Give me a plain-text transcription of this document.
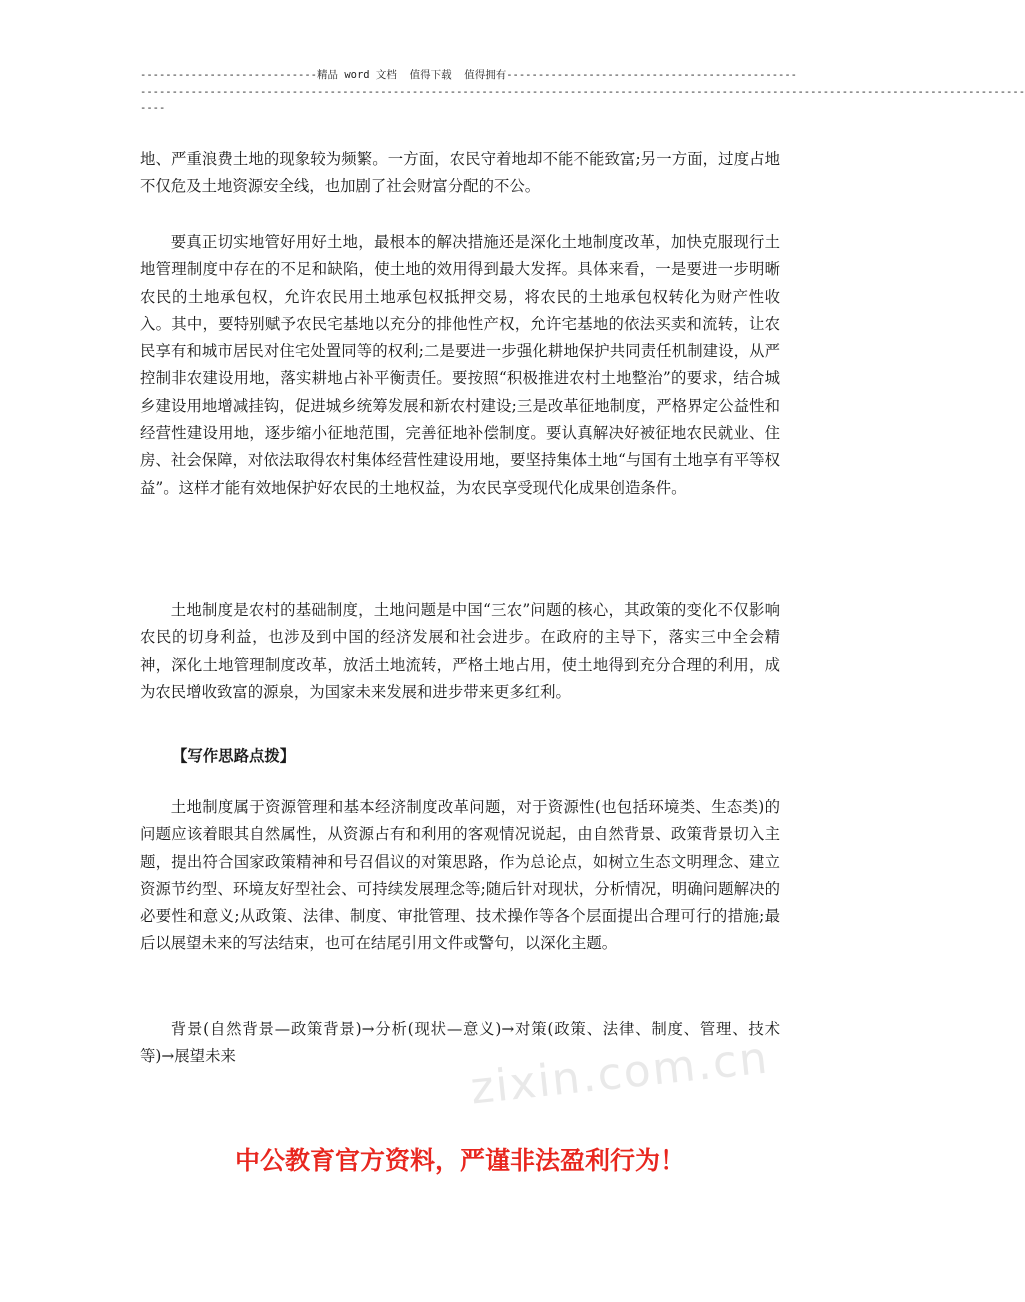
----------------------------精品 word 文档  值得下载  值得拥有----------------------------------------------
--------------------------------------------------------------------------------------------------------------------------------------------
----

地、严重浪费土地的现象较为频繁。一方面，农民守着地却不能不能致富;另一方面，过度占地不仅危及土地资源安全线，也加剧了社会财富分配的不公。

要真正切实地管好用好土地，最根本的解决措施还是深化土地制度改革，加快克服现行土地管理制度中存在的不足和缺陷，使土地的效用得到最大发挥。具体来看，一是要进一步明晰农民的土地承包权，允许农民用土地承包权抵押交易，将农民的土地承包权转化为财产性收入。其中，要特别赋予农民宅基地以充分的排他性产权，允许宅基地的依法买卖和流转，让农民享有和城市居民对住宅处置同等的权利;二是要进一步强化耕地保护共同责任机制建设，从严控制非农建设用地，落实耕地占补平衡责任。要按照“积极推进农村土地整治”的要求，结合城乡建设用地增减挂钩，促进城乡统筹发展和新农村建设;三是改革征地制度，严格界定公益性和经营性建设用地，逐步缩小征地范围，完善征地补偿制度。要认真解决好被征地农民就业、住房、社会保障，对依法取得农村集体经营性建设用地，要坚持集体土地“与国有土地享有平等权益”。这样才能有效地保护好农民的土地权益，为农民享受现代化成果创造条件。

土地制度是农村的基础制度，土地问题是中国“三农”问题的核心，其政策的变化不仅影响农民的切身利益，也涉及到中国的经济发展和社会进步。在政府的主导下，落实三中全会精神，深化土地管理制度改革，放活土地流转，严格土地占用，使土地得到充分合理的利用，成为农民增收致富的源泉，为国家未来发展和进步带来更多红利。

【写作思路点拨】

土地制度属于资源管理和基本经济制度改革问题，对于资源性(也包括环境类、生态类)的问题应该着眼其自然属性，从资源占有和利用的客观情况说起，由自然背景、政策背景切入主题，提出符合国家政策精神和号召倡议的对策思路，作为总论点，如树立生态文明理念、建立资源节约型、环境友好型社会、可持续发展理念等;随后针对现状，分析情况，明确问题解决的必要性和意义;从政策、法律、制度、审批管理、技术操作等各个层面提出合理可行的措施;最后以展望未来的写法结束，也可在结尾引用文件或警句，以深化主题。

背景(自然背景—政策背景)→分析(现状—意义)→对策(政策、法律、制度、管理、技术等)→展望未来	zixin.com.cn

中公教育官方资料，严谨非法盈利行为！
